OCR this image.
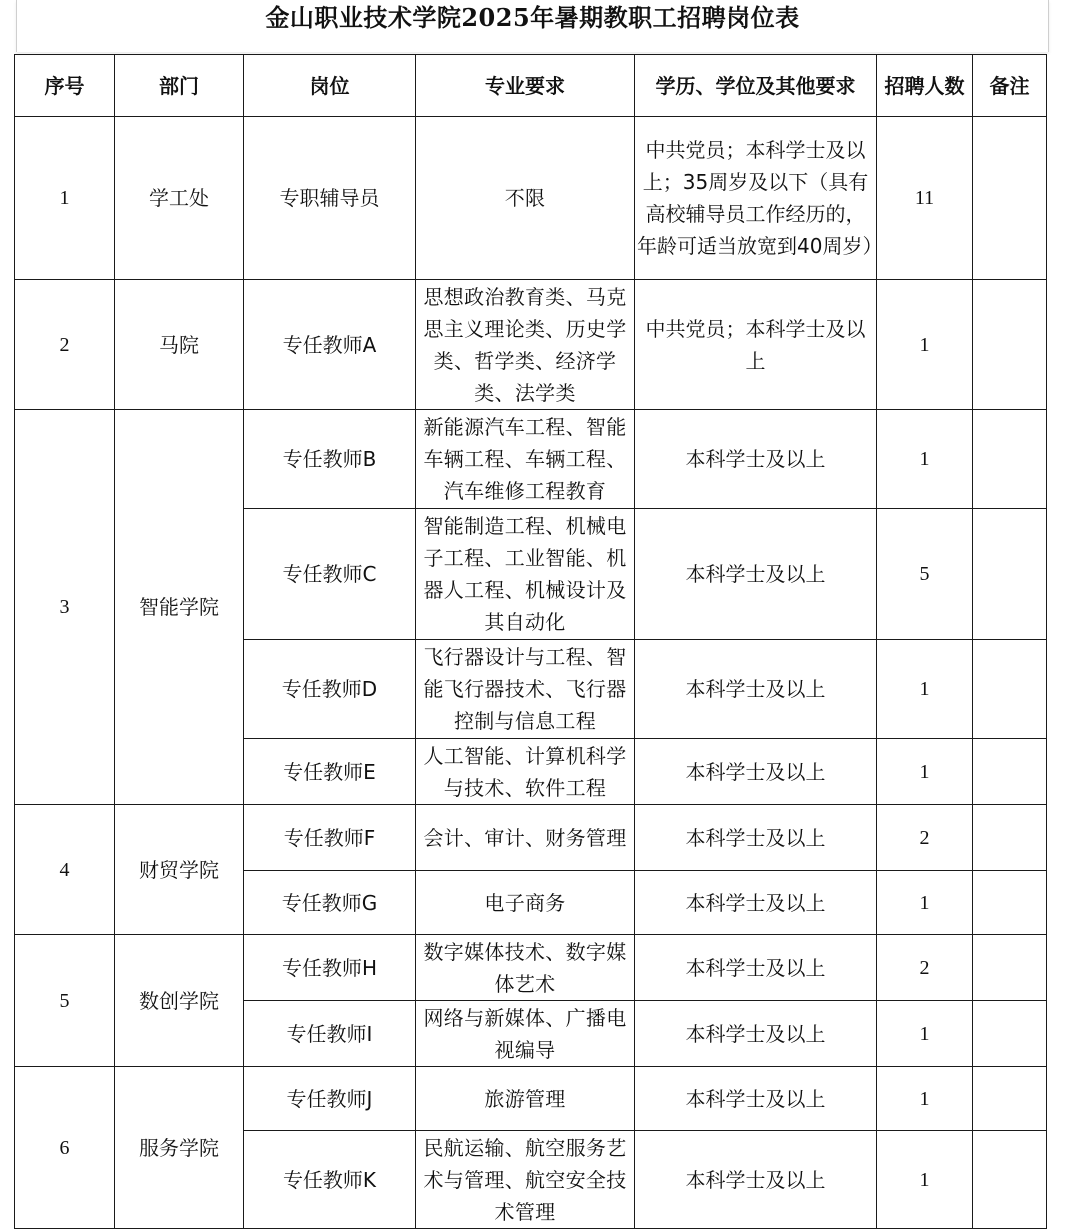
金山职业技术学院2025年暑期教职工招聘岗位表
序号	部门	岗位	专业要求	学历、学位及其他要求	招聘人数	备注
1	学工处	专职辅导员	不限	中共党员；本科学士及以上；35周岁及以下（具有高校辅导员工作经历的，年龄可适当放宽到40周岁）	11	
2	马院	专任教师A	思想政治教育类、马克思主义理论类、历史学类、哲学类、经济学类、法学类	中共党员；本科学士及以上	1	
3	智能学院	专任教师B	新能源汽车工程、智能车辆工程、车辆工程、汽车维修工程教育	本科学士及以上	1	
		专任教师C	智能制造工程、机械电子工程、工业智能、机器人工程、机械设计及其自动化	本科学士及以上	5	
		专任教师D	飞行器设计与工程、智能飞行器技术、飞行器控制与信息工程	本科学士及以上	1	
		专任教师E	人工智能、计算机科学与技术、软件工程	本科学士及以上	1	
4	财贸学院	专任教师F	会计、审计、财务管理	本科学士及以上	2	
		专任教师G	电子商务	本科学士及以上	1	
5	数创学院	专任教师H	数字媒体技术、数字媒体艺术	本科学士及以上	2	
		专任教师I	网络与新媒体、广播电视编导	本科学士及以上	1	
6	服务学院	专任教师J	旅游管理	本科学士及以上	1	
		专任教师K	民航运输、航空服务艺术与管理、航空安全技术管理	本科学士及以上	1	
